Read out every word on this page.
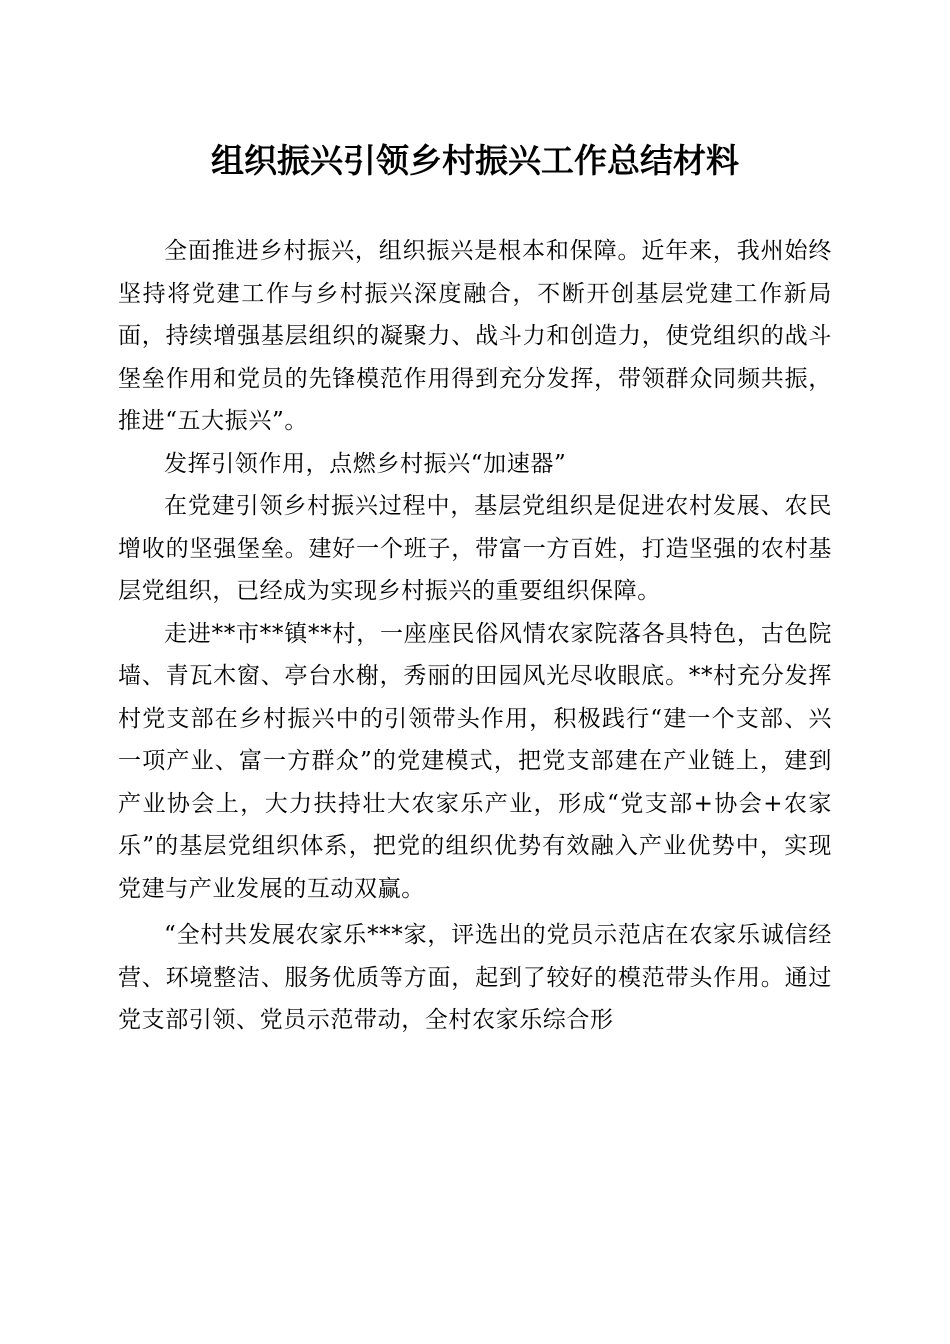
组织振兴引领乡村振兴工作总结材料

全面推进乡村振兴，组织振兴是根本和保障。近年来，我州始终坚持将党建工作与乡村振兴深度融合，不断开创基层党建工作新局面，持续增强基层组织的凝聚力、战斗力和创造力，使党组织的战斗堡垒作用和党员的先锋模范作用得到充分发挥，带领群众同频共振，推进“五大振兴”。

发挥引领作用，点燃乡村振兴“加速器”

在党建引领乡村振兴过程中，基层党组织是促进农村发展、农民增收的坚强堡垒。建好一个班子，带富一方百姓，打造坚强的农村基层党组织，已经成为实现乡村振兴的重要组织保障。

走进**市**镇**村，一座座民俗风情农家院落各具特色，古色院墙、青瓦木窗、亭台水榭，秀丽的田园风光尽收眼底。**村充分发挥村党支部在乡村振兴中的引领带头作用，积极践行“建一个支部、兴一项产业、富一方群众”的党建模式，把党支部建在产业链上，建到产业协会上，大力扶持壮大农家乐产业，形成“党支部+协会+农家乐”的基层党组织体系，把党的组织优势有效融入产业优势中，实现党建与产业发展的互动双赢。

“全村共发展农家乐***家，评选出的党员示范店在农家乐诚信经营、环境整洁、服务优质等方面，起到了较好的模范带头作用。通过党支部引领、党员示范带动，全村农家乐综合形
